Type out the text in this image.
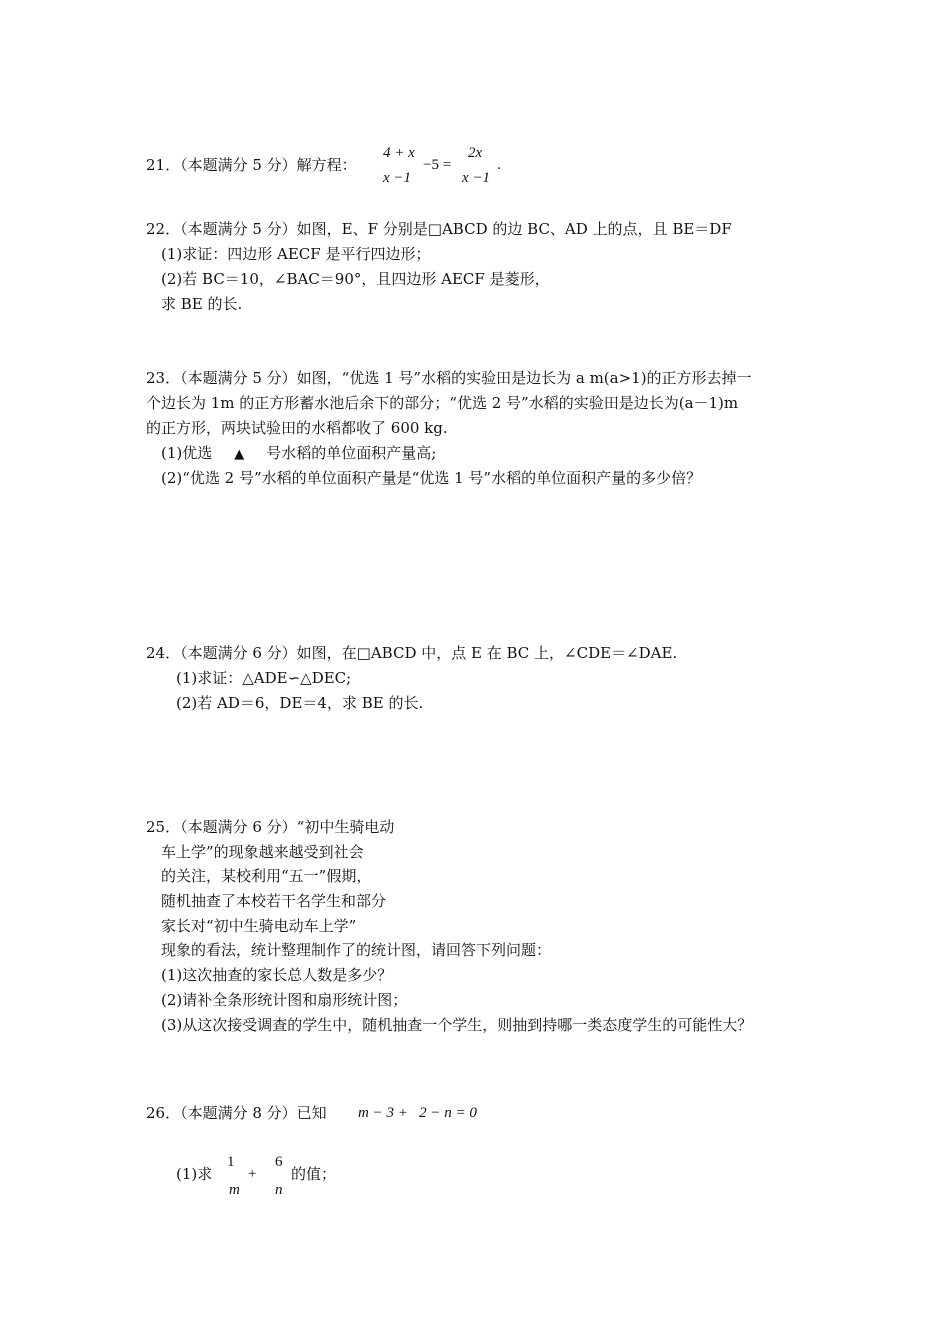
21．（本题满分 5 分）解方程：
4 + x
x −1
−5 =
2x
x −1
.
22．（本题满分 5 分）如图，E、F 分别是□ABCD 的边 BC、AD 上的点，且 BE＝DF
(1)求证：四边形 AECF 是平行四边形；
(2)若 BC＝10，∠BAC＝90°，且四边形 AECF 是菱形，
求 BE 的长.
23．（本题满分 5 分）如图，“优选 1 号”水稻的实验田是边长为 a m(a>1)的正方形去掉一
个边长为 1m 的正方形蓄水池后余下的部分；“优选 2 号”水稻的实验田是边长为(a－1)m
的正方形，两块试验田的水稻都收了 600 kg.
(1)优选 ▲ 号水稻的单位面积产量高;
(2)“优选 2 号”水稻的单位面积产量是“优选 1 号”水稻的单位面积产量的多少倍？
24．（本题满分 6 分）如图，在□ABCD 中，点 E 在 BC 上，∠CDE＝∠DAE.
(1)求证：△ADE∽△DEC;
(2)若 AD＝6，DE＝4，求 BE 的长.
25．（本题满分 6 分）“初中生骑电动
车上学”的现象越来越受到社会
的关注，某校利用“五一”假期，
随机抽查了本校若干名学生和部分
家长对“初中生骑电动车上学”
现象的看法，统计整理制作了的统计图，请回答下列问题：
(1)这次抽查的家长总人数是多少？
(2)请补全条形统计图和扇形统计图；
(3)从这次接受调查的学生中，随机抽查一个学生，则抽到持哪一类态度学生的可能性大？
26．（本题满分 8 分）已知 m − 3 +   2 − n = 0
(1)求
1
m
+
6
n
的值；
